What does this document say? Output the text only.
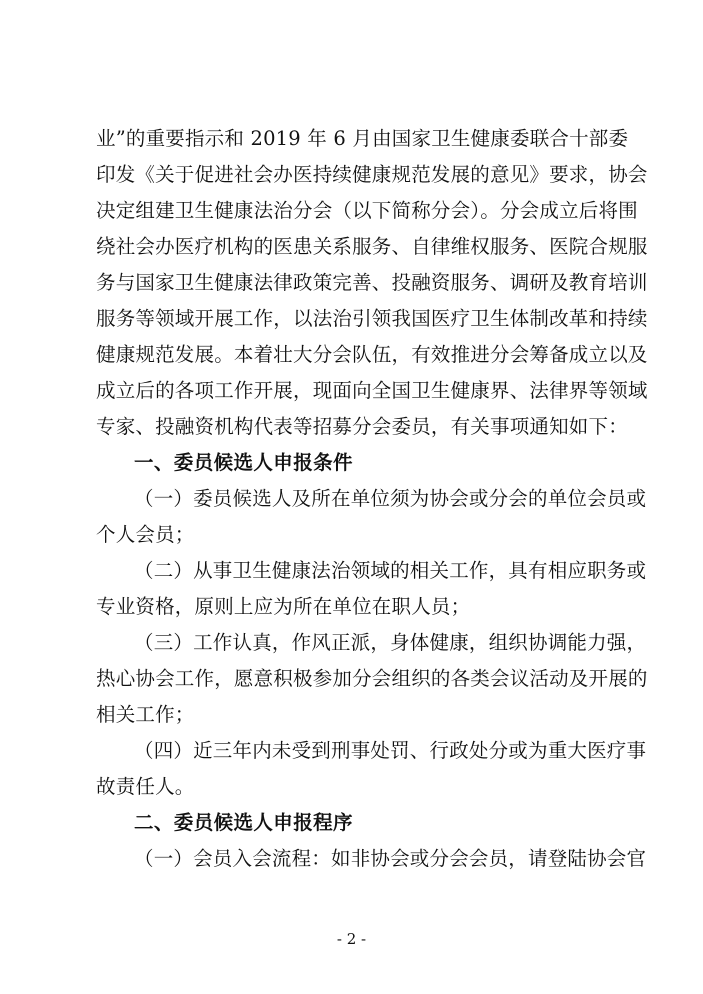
业”的重要指示和 2019 年 6 月由国家卫生健康委联合十部委
印发《关于促进社会办医持续健康规范发展的意见》要求，协会
决定组建卫生健康法治分会（以下简称分会）。分会成立后将围
绕社会办医疗机构的医患关系服务、自律维权服务、医院合规服
务与国家卫生健康法律政策完善、投融资服务、调研及教育培训
服务等领域开展工作，以法治引领我国医疗卫生体制改革和持续
健康规范发展。本着壮大分会队伍，有效推进分会筹备成立以及
成立后的各项工作开展，现面向全国卫生健康界、法律界等领域
专家、投融资机构代表等招募分会委员，有关事项通知如下：
一、委员候选人申报条件
（一）委员候选人及所在单位须为协会或分会的单位会员或
个人会员；
（二）从事卫生健康法治领域的相关工作，具有相应职务或
专业资格，原则上应为所在单位在职人员；
（三）工作认真，作风正派，身体健康，组织协调能力强，
热心协会工作，愿意积极参加分会组织的各类会议活动及开展的
相关工作；
（四）近三年内未受到刑事处罚、行政处分或为重大医疗事
故责任人。
二、委员候选人申报程序
（一）会员入会流程：如非协会或分会会员，请登陆协会官
- 2 -
